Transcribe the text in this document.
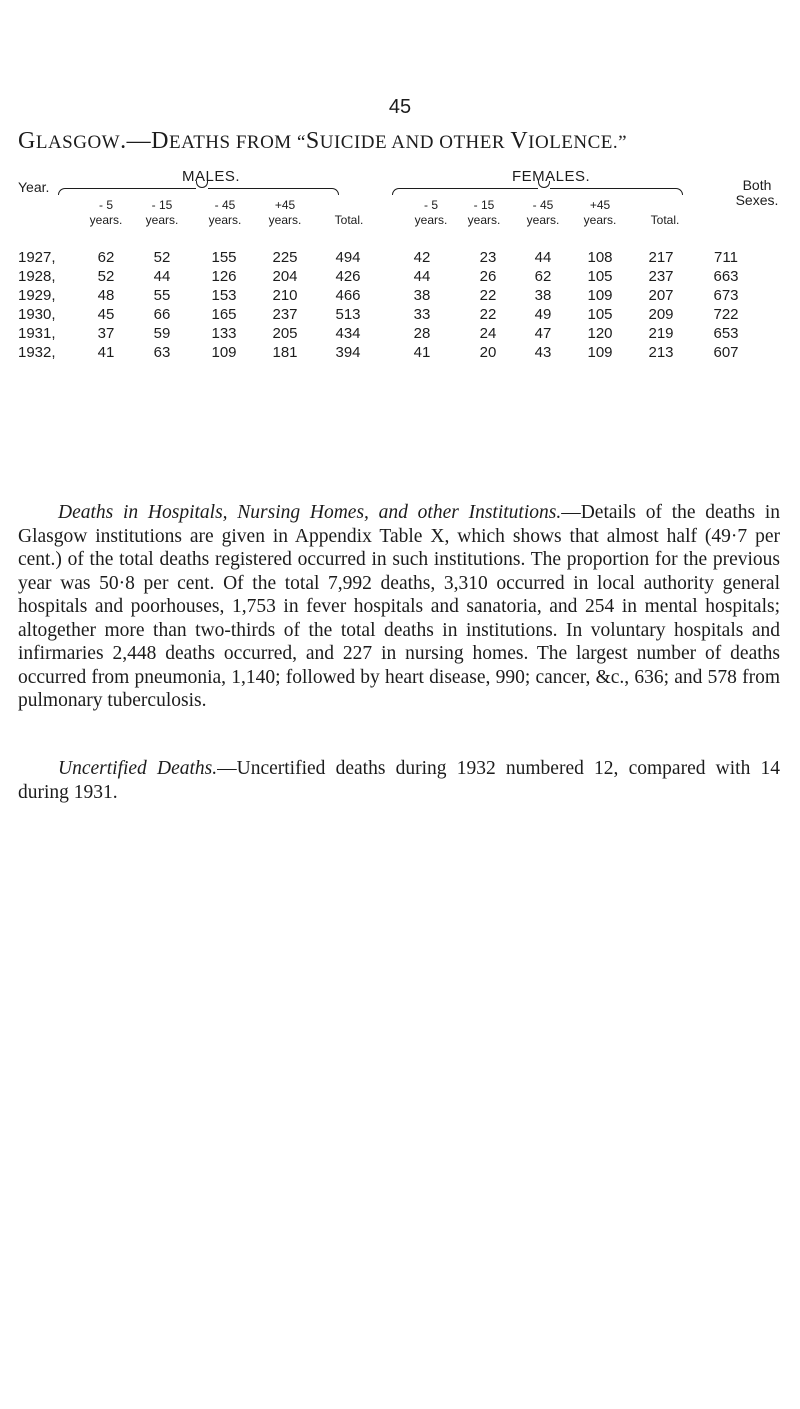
45
GLASGOW.—DEATHS FROM “SUICIDE AND OTHER VIOLENCE.”
MALES.	FEMALES.
Year.	Both
Sexes.
- 5
years.
- 15
years.
- 45
years.
+45
years.	Total.
- 5
years.
- 15
years.
- 45
years.
+45
years.	Total.
1927,	62	52	155	225	494	42	23	44	108	217	711
1928,	52	44	126	204	426	44	26	62	105	237	663
1929,	48	55	153	210	466	38	22	38	109	207	673
1930,	45	66	165	237	513	33	22	49	105	209	722
1931,	37	59	133	205	434	28	24	47	120	219	653
1932,	41	63	109	181	394	41	20	43	109	213	607
Deaths in Hospitals, Nursing Homes, and other Institutions.—Details of the deaths in Glasgow institutions are given in Appendix Table X, which shows that almost half (49·7 per cent.) of the total deaths registered occurred in such institutions. The proportion for the previous year was 50·8 per cent. Of the total 7,992 deaths, 3,310 occurred in local authority general hospitals and poorhouses, 1,753 in fever hospitals and sanatoria, and 254 in mental hospitals; altogether more than two-thirds of the total deaths in institutions. In voluntary hospitals and infirmaries 2,448 deaths occurred, and 227 in nursing homes. The largest number of deaths occurred from pneumonia, 1,140; followed by heart disease, 990; cancer, &c., 636; and 578 from pulmonary tuberculosis.
Uncertified Deaths.—Uncertified deaths during 1932 numbered 12, compared with 14 during 1931.
